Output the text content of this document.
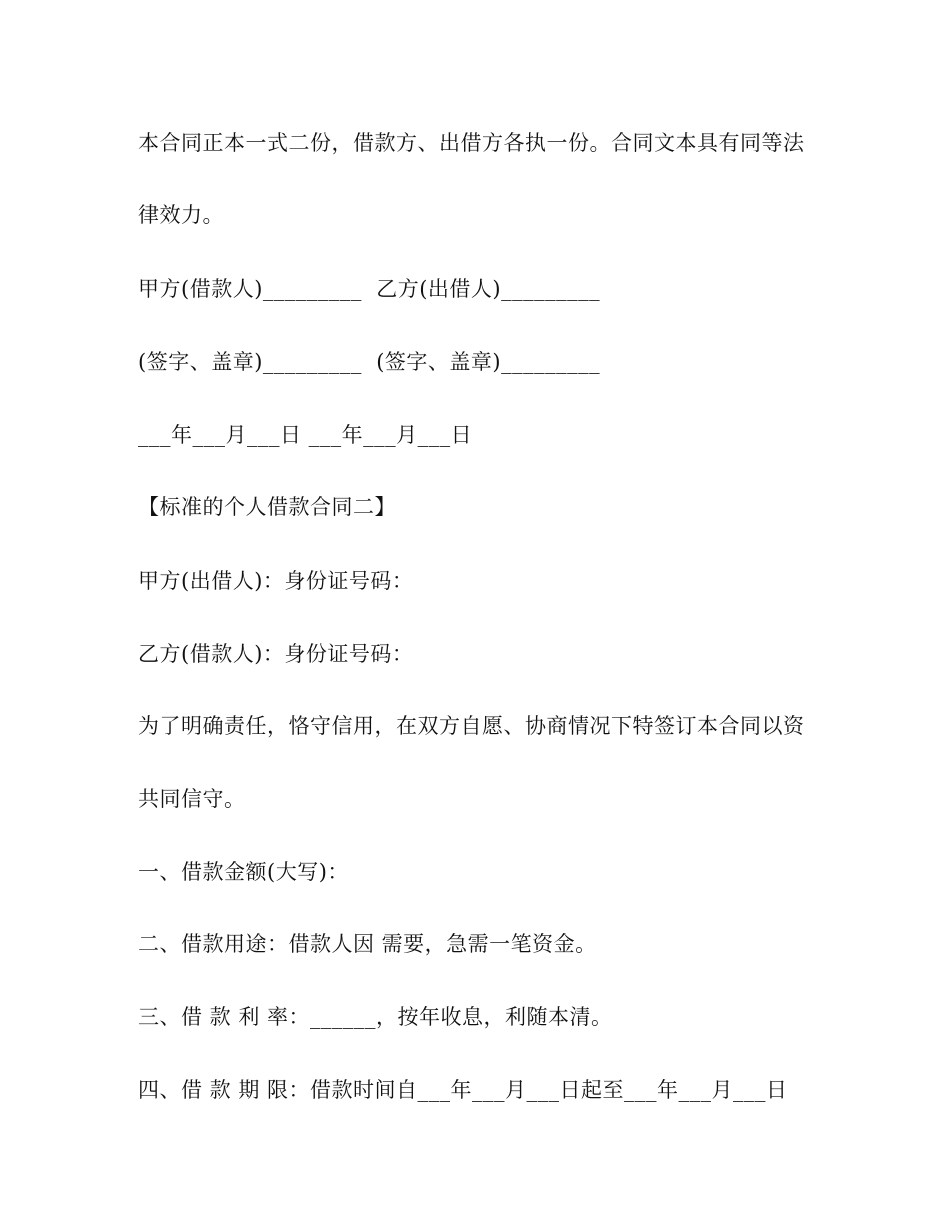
本合同正本一式二份，借款方、出借方各执一份。合同文本具有同等法
律效力。
甲方(借款人)_________  乙方(出借人)_________
(签字、盖章)_________  (签字、盖章)_________
___年___月___日 ___年___月___日
【标准的个人借款合同二】
甲方(出借人)：身份证号码：
乙方(借款人)：身份证号码：
为了明确责任，恪守信用，在双方自愿、协商情况下特签订本合同以资
共同信守。
一、借款金额(大写)：
二、借款用途：借款人因 需要，急需一笔资金。
三、借 款 利 率：______，按年收息，利随本清。
四、借 款 期 限：借款时间自___年___月___日起至___年___月___日
